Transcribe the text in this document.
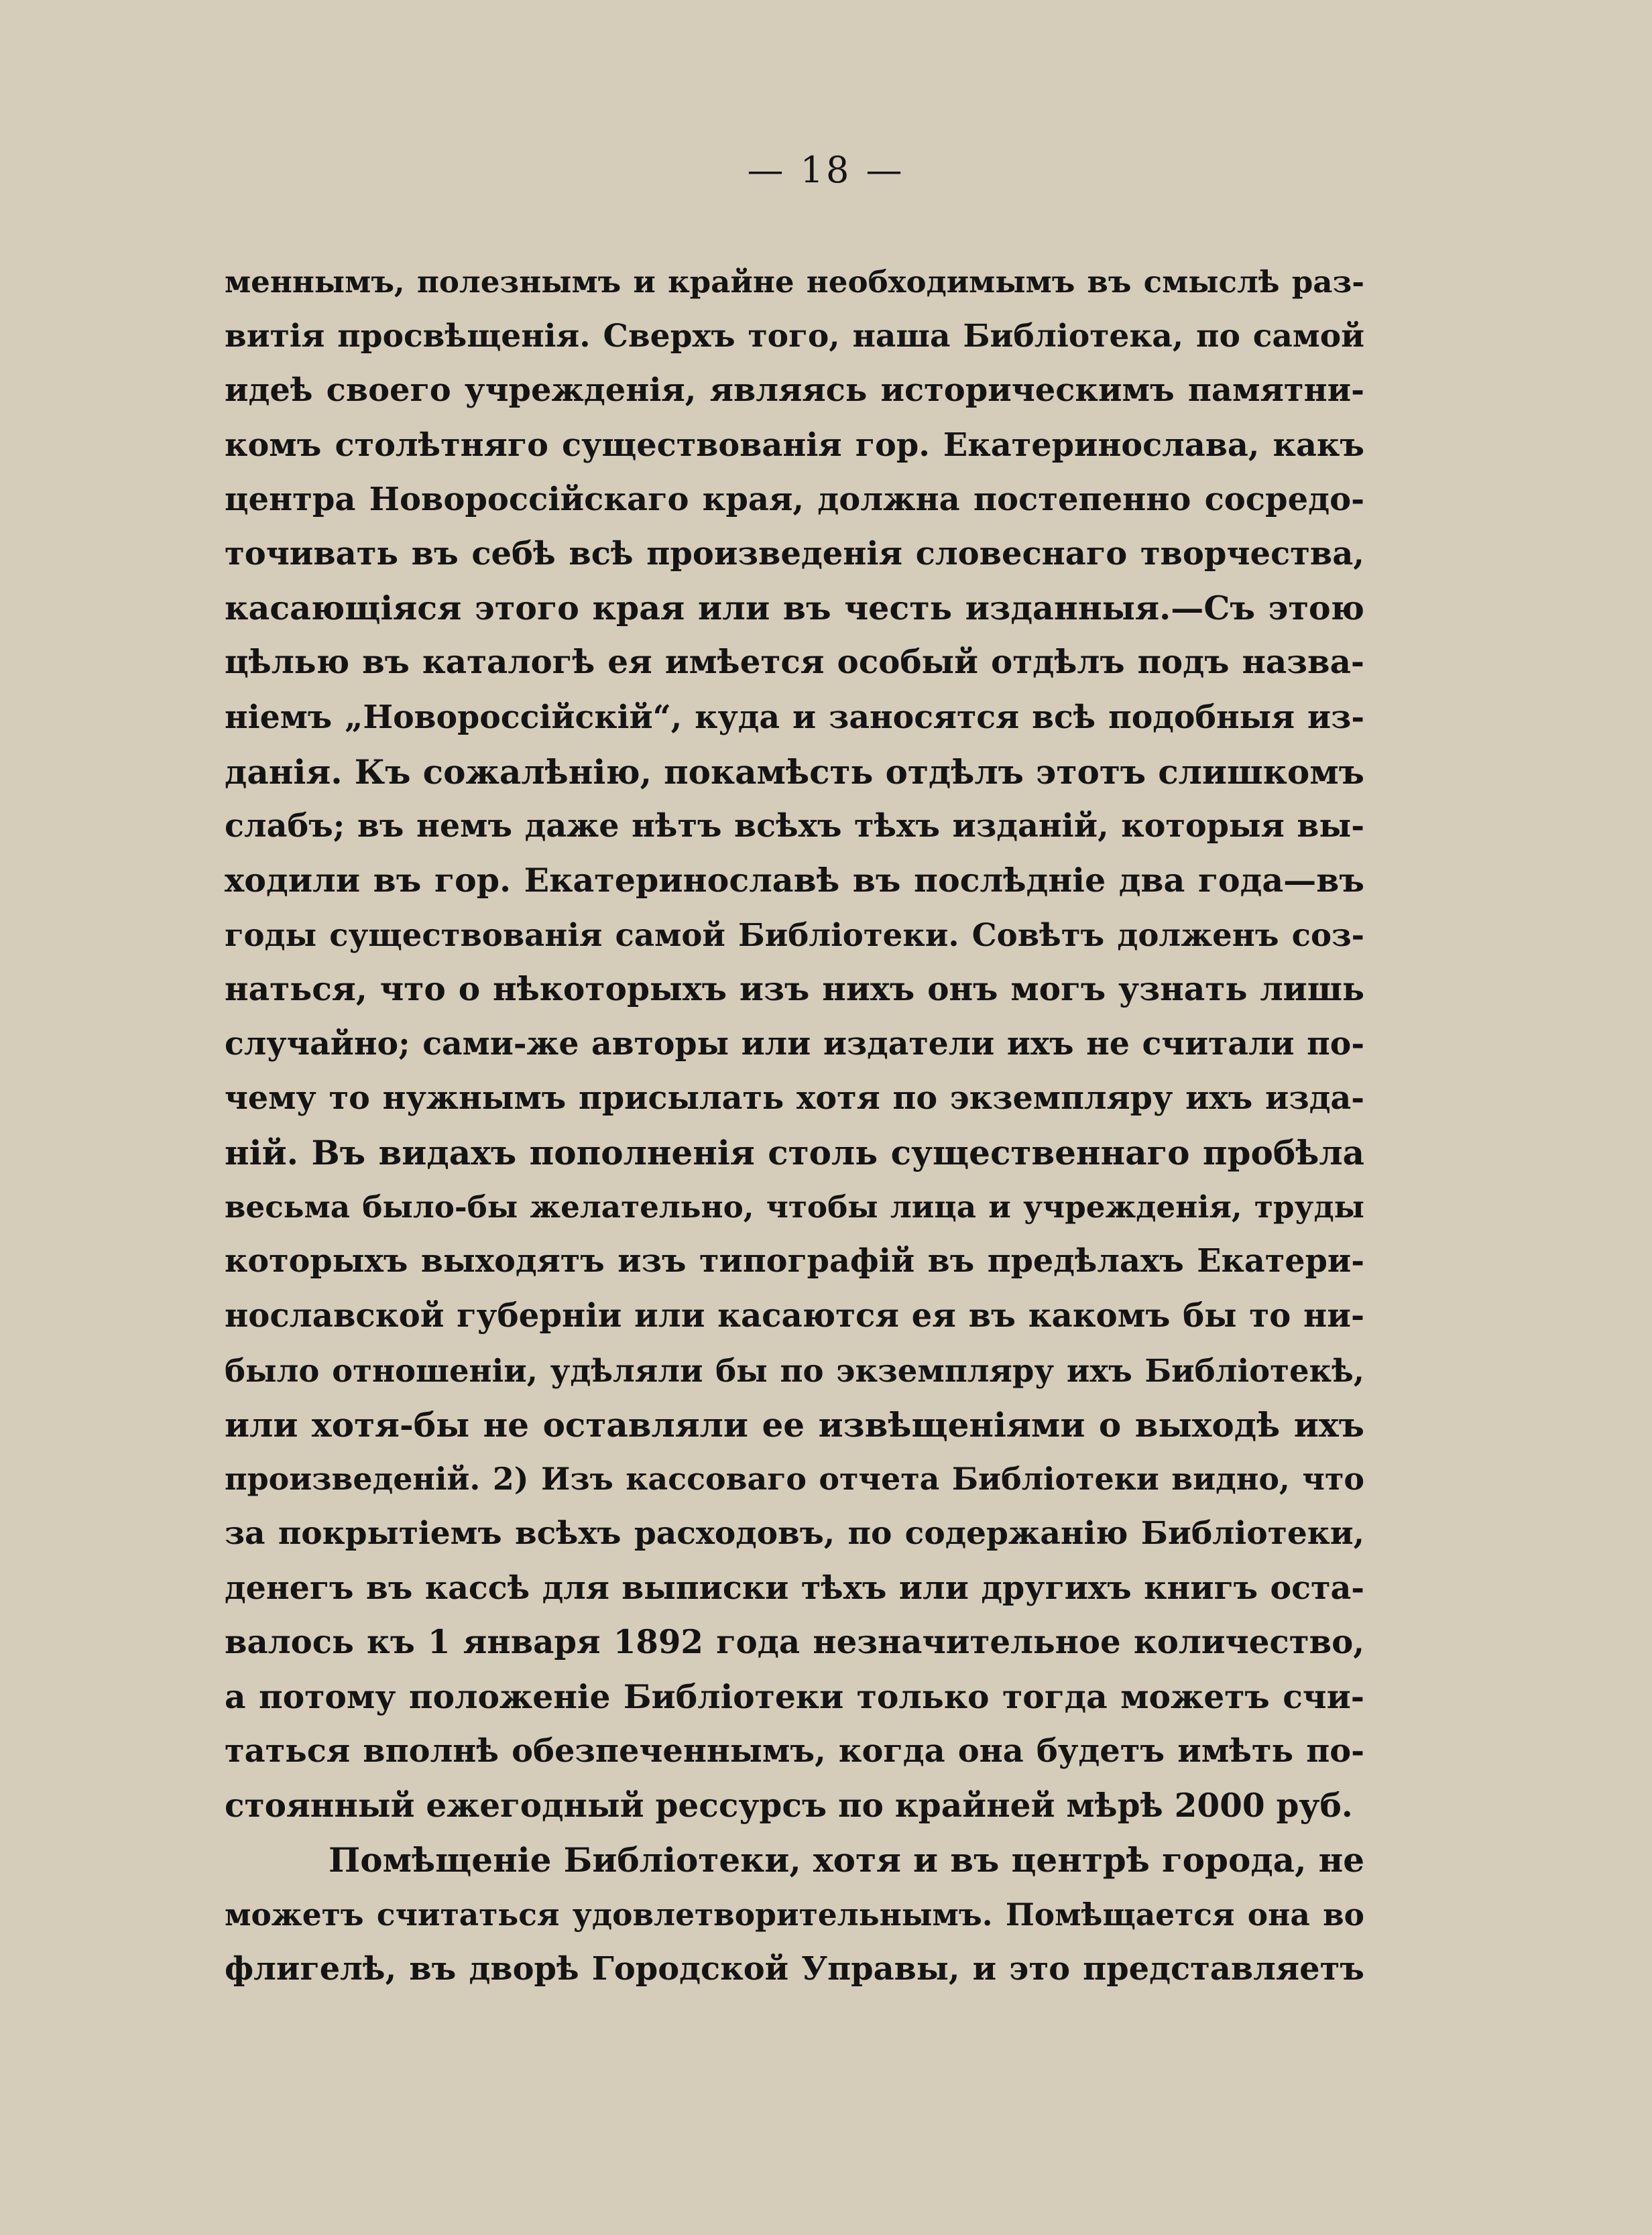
— 18 —
меннымъ, полезнымъ и крайне необходимымъ въ смыслѣ раз-
витія просвѣщенія. Сверхъ того, наша Библіотека, по самой
идеѣ своего учрежденія, являясь историческимъ памятни-
комъ столѣтняго существованія гор. Екатеринослава, какъ
центра Новороссійскаго края, должна постепенно сосредо-
точивать въ себѣ всѣ произведенія словеснаго творчества,
касающіяся этого края или въ честь изданныя.—Съ этою
цѣлью въ каталогѣ ея имѣется особый отдѣлъ подъ назва-
ніемъ „Новороссійскій“, куда и заносятся всѣ подобныя из-
данія. Къ сожалѣнію, покамѣсть отдѣлъ этотъ слишкомъ
слабъ; въ немъ даже нѣтъ всѣхъ тѣхъ изданій, которыя вы-
ходили въ гор. Екатеринославѣ въ послѣдніе два года—въ
годы существованія самой Библіотеки. Совѣтъ долженъ соз-
наться, что о нѣкоторыхъ изъ нихъ онъ могъ узнать лишь
случайно; сами-же авторы или издатели ихъ не считали по-
чему то нужнымъ присылать хотя по экземпляру ихъ изда-
ній. Въ видахъ пополненія столь существеннаго пробѣла
весьма было-бы желательно, чтобы лица и учрежденія, труды
которыхъ выходятъ изъ типографій въ предѣлахъ Екатери-
нославской губерніи или касаются ея въ какомъ бы то ни-
было отношеніи, удѣляли бы по экземпляру ихъ Библіотекѣ,
или хотя-бы не оставляли ее извѣщеніями о выходѣ ихъ
произведеній. 2) Изъ кассоваго отчета Библіотеки видно, что
за покрытіемъ всѣхъ расходовъ, по содержанію Библіотеки,
денегъ въ кассѣ для выписки тѣхъ или другихъ книгъ оста-
валось къ 1 января 1892 года незначительное количество,
а потому положеніе Библіотеки только тогда можетъ счи-
таться вполнѣ обезпеченнымъ, когда она будетъ имѣть по-
стоянный ежегодный рессурсъ по крайней мѣрѣ 2000 руб.
Помѣщеніе Библіотеки, хотя и въ центрѣ города, не
можетъ считаться удовлетворительнымъ. Помѣщается она во
флигелѣ, въ дворѣ Городской Управы, и это представляетъ
